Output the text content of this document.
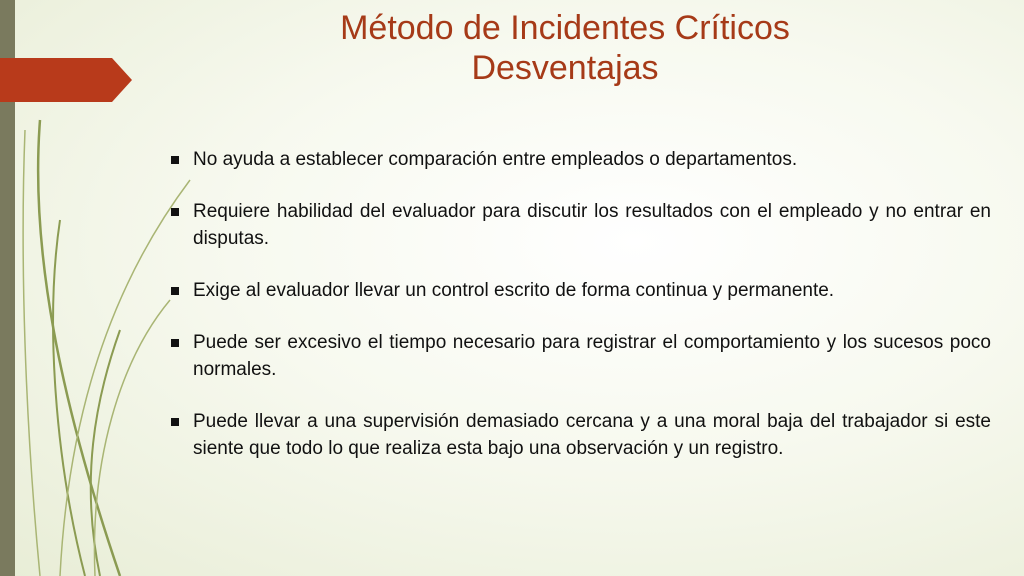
Método de Incidentes Críticos
Desventajas
No ayuda a establecer comparación entre empleados o departamentos.
Requiere habilidad del evaluador para discutir los resultados con el empleado y no entrar en disputas.
Exige al evaluador llevar un control escrito de forma continua y permanente.
Puede ser excesivo el tiempo necesario para registrar el comportamiento y los sucesos poco normales.
Puede llevar a una supervisión demasiado cercana y a una moral baja del trabajador si este siente que todo lo que realiza esta bajo una observación y un registro.
